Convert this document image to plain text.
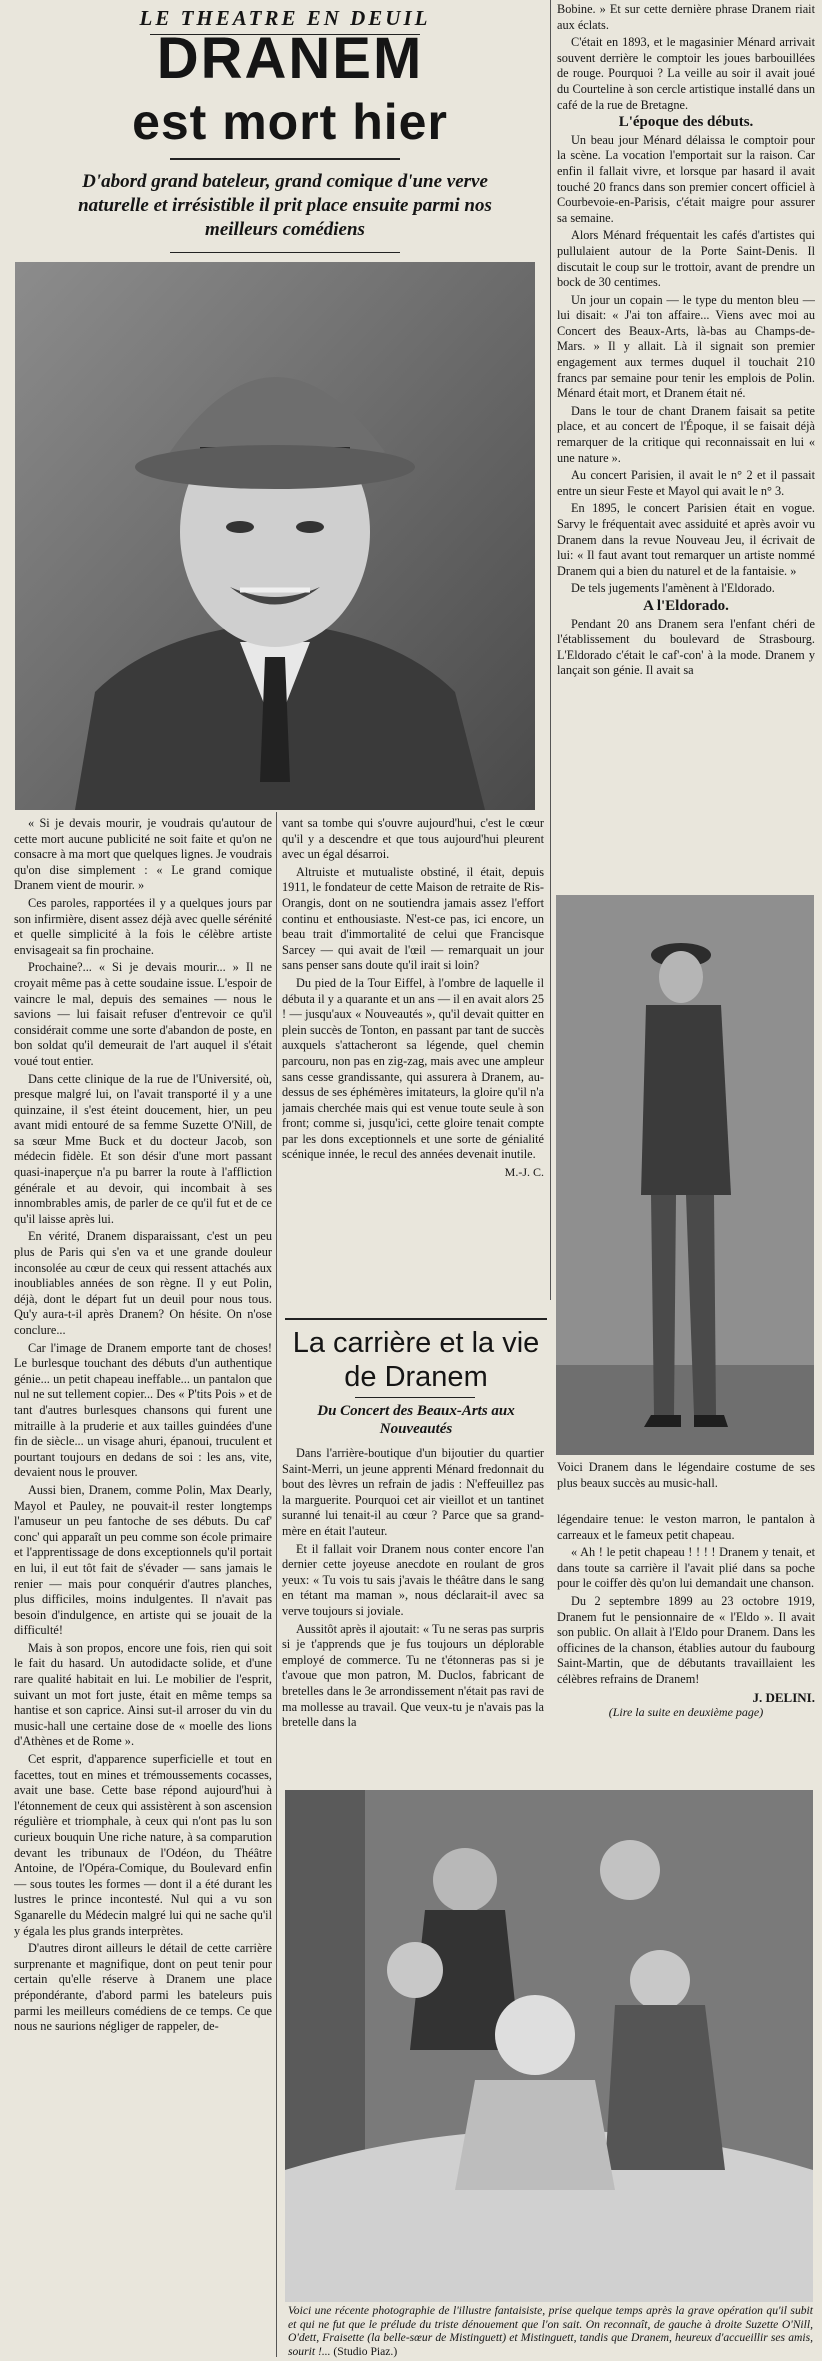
LE THEATRE EN DEUIL
DRANEM
est mort hier
D'abord grand bateleur, grand comique d'une verve naturelle et irrésistible il prit place ensuite parmi nos meilleurs comédiens

« Si je devais mourir, je voudrais qu'autour de cette mort aucune publicité ne soit faite et qu'on ne consacre à ma mort que quelques lignes. Je voudrais qu'on dise simplement : « Le grand comique Dranem vient de mourir. »

Ces paroles, rapportées il y a quelques jours par son infirmière, disent assez déjà avec quelle sérénité et quelle simplicité à la fois le célèbre artiste envisageait sa fin prochaine.

Prochaine?... « Si je devais mourir... » Il ne croyait même pas à cette soudaine issue. L'espoir de vaincre le mal, depuis des semaines — nous le savions — lui faisait refuser d'entrevoir ce qu'il considérait comme une sorte d'abandon de poste, en bon soldat qu'il demeurait de l'art auquel il s'était voué tout entier.

Dans cette clinique de la rue de l'Université, où, presque malgré lui, on l'avait transporté il y a une quinzaine, il s'est éteint doucement, hier, un peu avant midi entouré de sa femme Suzette O'Nill, de sa sœur Mme Buck et du docteur Jacob, son médecin fidèle. Et son désir d'une mort passant quasi-inaperçue n'a pu barrer la route à l'affliction générale et au devoir, qui incombait à ses innombrables amis, de parler de ce qu'il fut et de ce qu'il laisse après lui.

En vérité, Dranem disparaissant, c'est un peu plus de Paris qui s'en va et une grande douleur inconsolée au cœur de ceux qui ressent attachés aux inoubliables années de son règne. Il y eut Polin, déjà, dont le départ fut un deuil pour nous tous. Qu'y aura-t-il après Dranem? On hésite. On n'ose conclure...

Car l'image de Dranem emporte tant de choses! Le burlesque touchant des débuts d'un authentique génie... un petit chapeau ineffable... un pantalon que nul ne sut tellement copier... Des « P'tits Pois » et de tant d'autres burlesques chansons qui furent une mitraille à la pruderie et aux tailles guindées d'une fin de siècle... un visage ahuri, épanoui, truculent et pourtant toujours en dedans de soi : les ans, vite, devaient nous le prouver.

Aussi bien, Dranem, comme Polin, Max Dearly, Mayol et Pauley, ne pouvait-il rester longtemps l'amuseur un peu fantoche de ses débuts. Du caf' conc' qui apparaît un peu comme son école primaire et l'apprentissage de dons exceptionnels qu'il portait en lui, il eut tôt fait de s'évader — sans jamais le renier — mais pour conquérir d'autres planches, plus difficiles, moins indulgentes. Il n'avait pas besoin d'indulgence, en artiste qui se jouait de la difficulté!

Mais à son propos, encore une fois, rien qui soit le fait du hasard. Un autodidacte solide, et d'une rare qualité habitait en lui. Le mobilier de l'esprit, suivant un mot fort juste, était en même temps sa hantise et son caprice. Ainsi sut-il arroser du vin du music-hall une certaine dose de « moelle des lions d'Athènes et de Rome ».

Cet esprit, d'apparence superficielle et tout en facettes, tout en mines et trémoussements cocasses, avait une base. Cette base répond aujourd'hui à l'étonnement de ceux qui assistèrent à son ascension régulière et triomphale, à ceux qui n'ont pas lu son curieux bouquin Une riche nature, à sa comparution devant les tribunaux de l'Odéon, du Théâtre Antoine, de l'Opéra-Comique, du Boulevard enfin — sous toutes les formes — dont il a été durant les lustres le prince incontesté. Nul qui a vu son Sganarelle du Médecin malgré lui qui ne sache qu'il y égala les plus grands interprètes.

D'autres diront ailleurs le détail de cette carrière surprenante et magnifique, dont on peut tenir pour certain qu'elle réserve à Dranem une place prépondérante, d'abord parmi les bateleurs puis parmi les meilleurs comédiens de ce temps. Ce que nous ne saurions négliger de rappeler, de-

vant sa tombe qui s'ouvre aujourd'hui, c'est le cœur qu'il y a descendre et que tous aujourd'hui pleurent avec un égal désarroi.

Altruiste et mutualiste obstiné, il était, depuis 1911, le fondateur de cette Maison de retraite de Ris-Orangis, dont on ne soutiendra jamais assez l'effort continu et enthousiaste. N'est-ce pas, ici encore, un beau trait d'immortalité de celui que Francisque Sarcey — qui avait de l'œil — remarquait un jour sans penser sans doute qu'il irait si loin?

Du pied de la Tour Eiffel, à l'ombre de laquelle il débuta il y a quarante et un ans — il en avait alors 25 ! — jusqu'aux « Nouveautés », qu'il devait quitter en plein succès de Tonton, en passant par tant de succès auxquels s'attacheront sa légende, quel chemin parcouru, non pas en zig-zag, mais avec une ampleur sans cesse grandissante, qui assurera à Dranem, au-dessus de ses éphémères imitateurs, la gloire qu'il n'a jamais cherchée mais qui est venue toute seule à son front; comme si, jusqu'ici, cette gloire tenait compte par les dons exceptionnels et une sorte de génialité scénique innée, le recul des années devenait inutile.

M.-J. C.
La carrière et la vie de Dranem
Du Concert des Beaux-Arts aux Nouveautés

Dans l'arrière-boutique d'un bijoutier du quartier Saint-Merri, un jeune apprenti Ménard fredonnait du bout des lèvres un refrain de jadis : N'effeuillez pas la marguerite. Pourquoi cet air vieillot et un tantinet suranné lui tenait-il au cœur ? Parce que sa grand-mère en était l'auteur.

Et il fallait voir Dranem nous conter encore l'an dernier cette joyeuse anecdote en roulant de gros yeux: « Tu vois tu sais j'avais le théâtre dans le sang en tétant ma maman », nous déclarait-il avec sa verve toujours si joviale.

Aussitôt après il ajoutait: « Tu ne seras pas surpris si je t'apprends que je fus toujours un déplorable employé de commerce. Tu ne t'étonneras pas si je t'avoue que mon patron, M. Duclos, fabricant de bretelles dans le 3e arrondissement n'était pas ravi de ma mollesse au travail. Que veux-tu je n'avais pas la bretelle dans la

Bobine. » Et sur cette dernière phrase Dranem riait aux éclats.

C'était en 1893, et le magasinier Ménard arrivait souvent derrière le comptoir les joues barbouillées de rouge. Pourquoi ? La veille au soir il avait joué du Courteline à son cercle artistique installé dans un café de la rue de Bretagne.

L'époque des débuts.

Un beau jour Ménard délaissa le comptoir pour la scène. La vocation l'emportait sur la raison. Car enfin il fallait vivre, et lorsque par hasard il avait touché 20 francs dans son premier concert officiel à Courbevoie-en-Parisis, c'était maigre pour assurer sa semaine.

Alors Ménard fréquentait les cafés d'artistes qui pullulaient autour de la Porte Saint-Denis. Il discutait le coup sur le trottoir, avant de prendre un bock de 30 centimes.

Un jour un copain — le type du menton bleu — lui disait: « J'ai ton affaire... Viens avec moi au Concert des Beaux-Arts, là-bas au Champs-de-Mars. » Il y allait. Là il signait son premier engagement aux termes duquel il touchait 210 francs par semaine pour tenir les emplois de Polin. Ménard était mort, et Dranem était né.

Dans le tour de chant Dranem faisait sa petite place, et au concert de l'Époque, il se faisait déjà remarquer de la critique qui reconnaissait en lui « une nature ».

Au concert Parisien, il avait le n° 2 et il passait entre un sieur Feste et Mayol qui avait le n° 3.

En 1895, le concert Parisien était en vogue. Sarvy le fréquentait avec assiduité et après avoir vu Dranem dans la revue Nouveau Jeu, il écrivait de lui: « Il faut avant tout remarquer un artiste nommé Dranem qui a bien du naturel et de la fantaisie. »

De tels jugements l'amènent à l'Eldorado.

A l'Eldorado.

Pendant 20 ans Dranem sera l'enfant chéri de l'établissement du boulevard de Strasbourg. L'Eldorado c'était le caf'-con' à la mode. Dranem y lançait son génie. Il avait sa

Voici Dranem dans le légendaire costume de ses plus beaux succès au music-hall.

légendaire tenue: le veston marron, le pantalon à carreaux et le fameux petit chapeau.

« Ah ! le petit chapeau ! ! ! ! Dranem y tenait, et dans toute sa carrière il l'avait plié dans sa poche pour le coiffer dès qu'on lui demandait une chanson.

Du 2 septembre 1899 au 23 octobre 1919, Dranem fut le pensionnaire de « l'Eldo ». Il avait son public. On allait à l'Eldo pour Dranem. Dans les officines de la chanson, établies autour du faubourg Saint-Martin, que de débutants travaillaient les célèbres refrains de Dranem!

J. DELINI.
(Lire la suite en deuxième page)
Voici une récente photographie de l'illustre fantaisiste, prise quelque temps après la grave opération qu'il subit et qui ne fut que le prélude du triste dénouement que l'on sait. On reconnaît, de gauche à droite Suzette O'Nill, O'dett, Fraisette (la belle-sœur de Mistinguett) et Mistinguett, tandis que Dranem, heureux d'accueillir ses amis, sourit !... (Studio Piaz.)
